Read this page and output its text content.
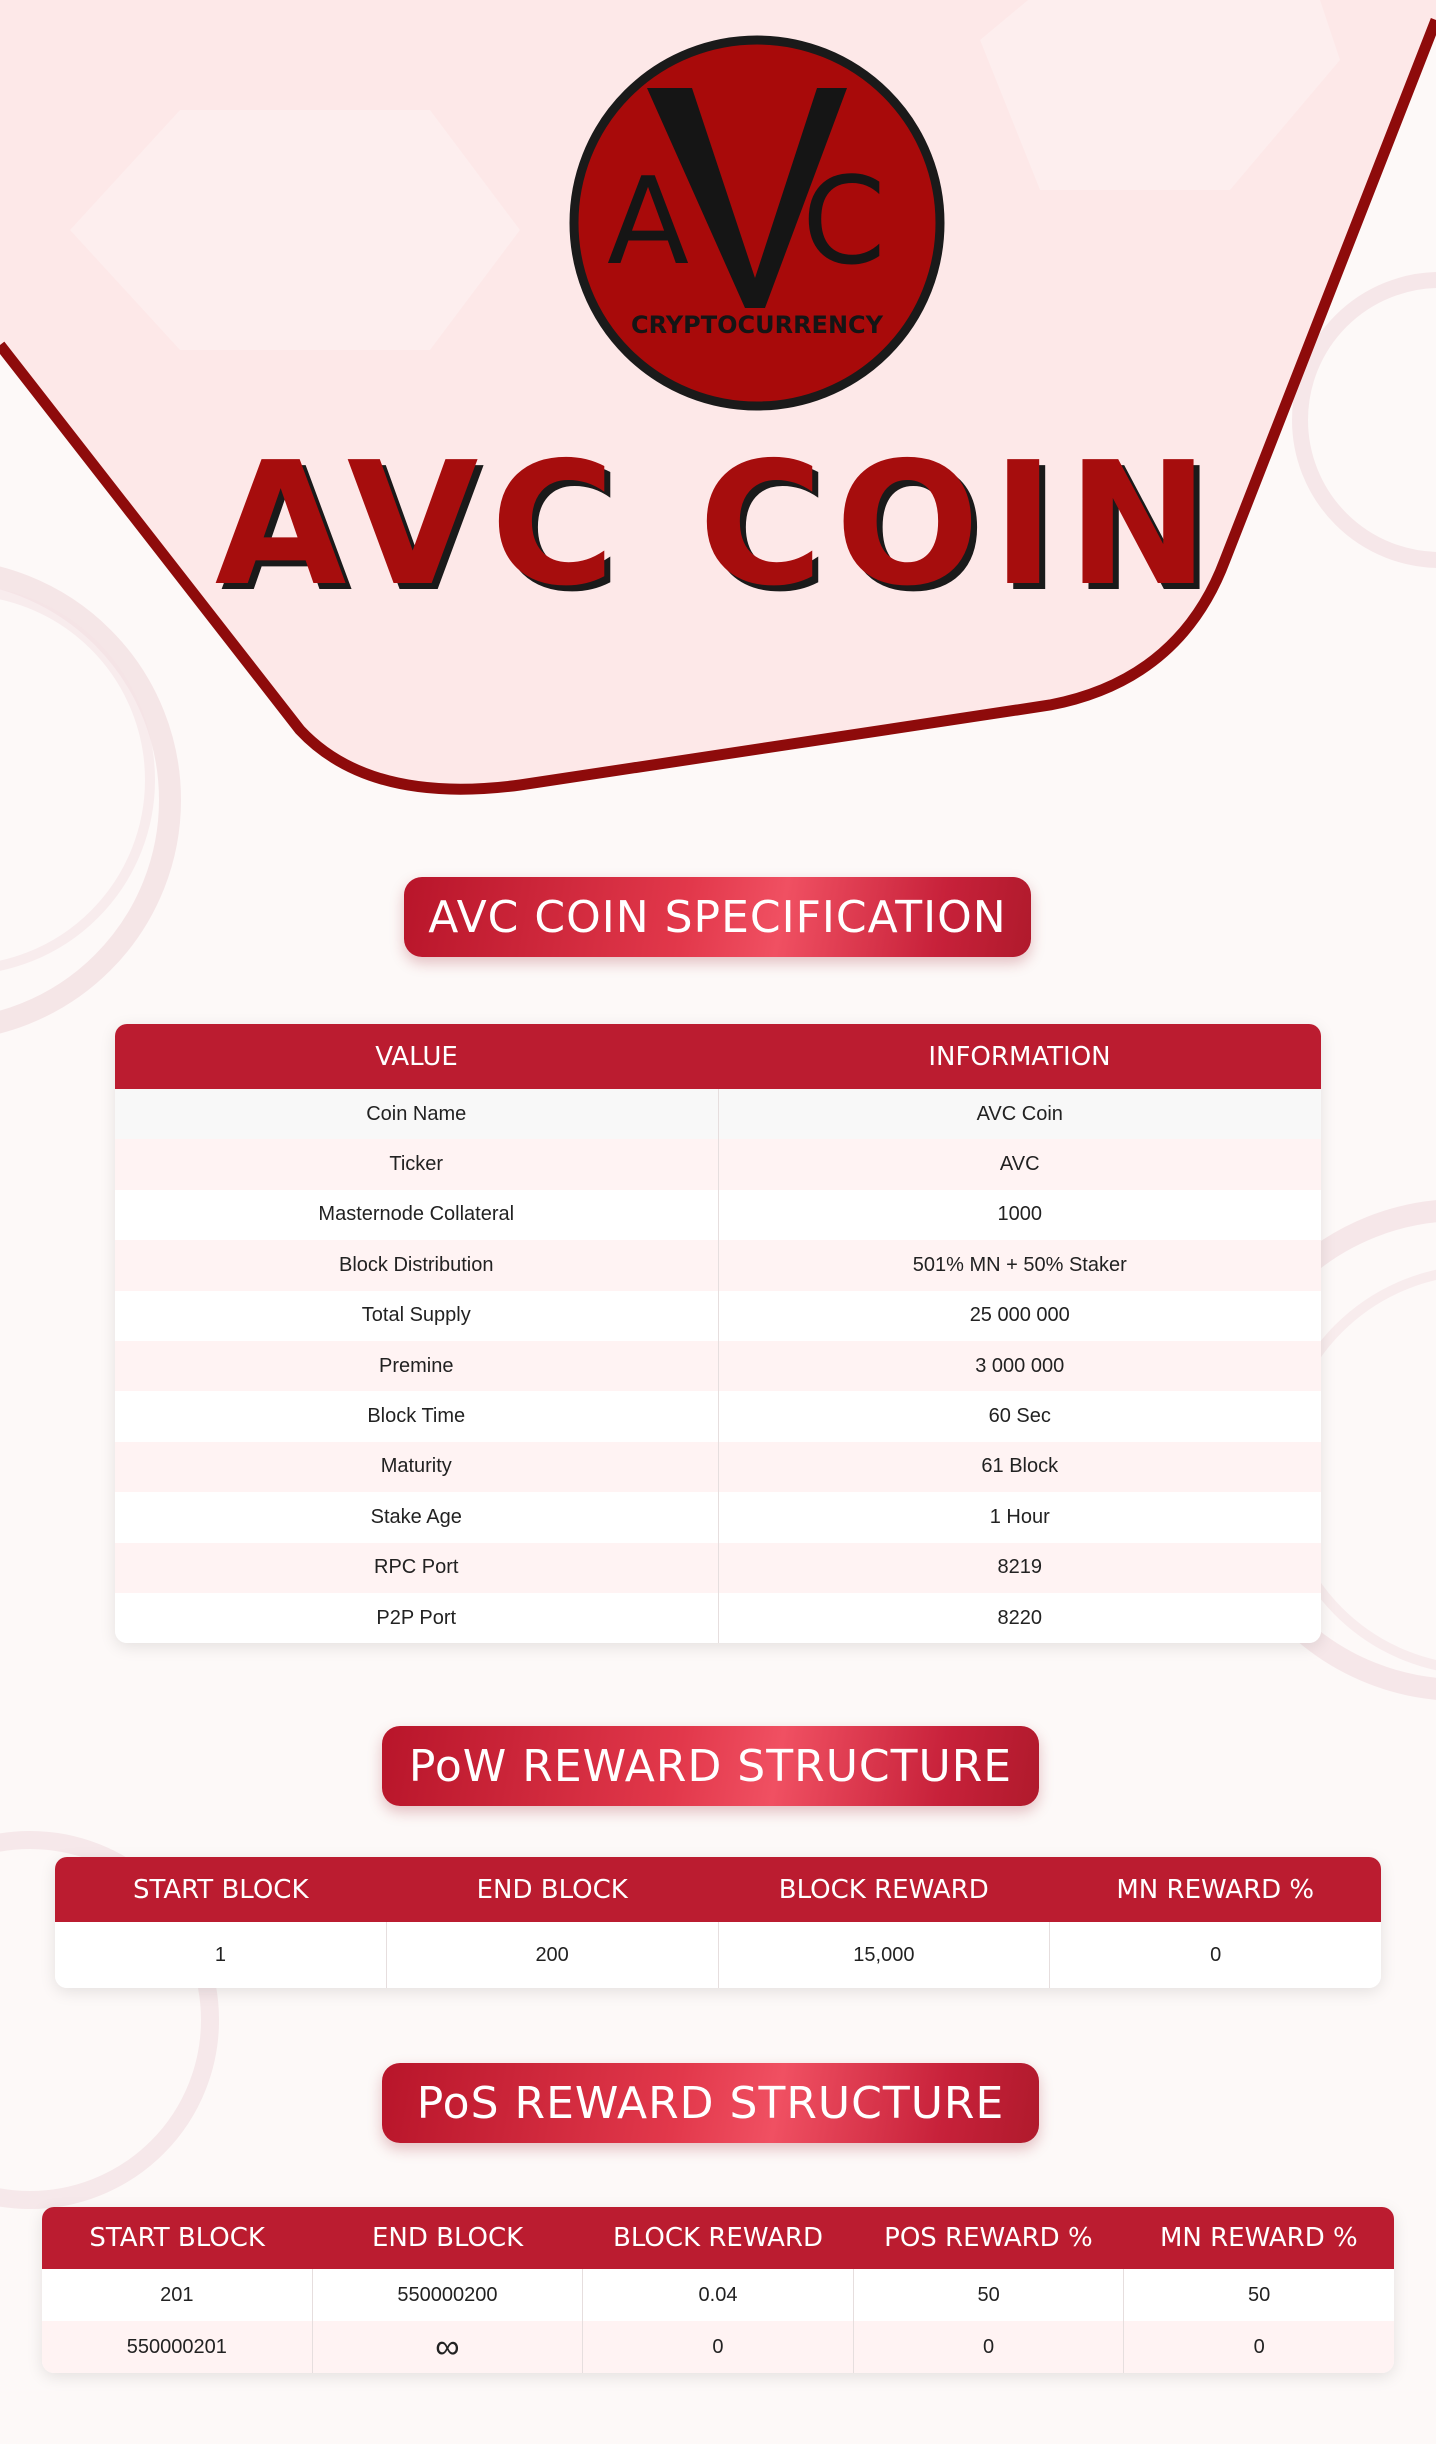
A C
CRYPTOCURRENCY
AVC COIN
AVC COIN SPECIFICATION
VALUE	INFORMATION
Coin Name	AVC Coin
Ticker	AVC
Masternode Collateral	1000
Block Distribution	501% MN + 50% Staker
Total Supply	25 000 000
Premine	3 000 000
Block Time	60 Sec
Maturity	61 Block
Stake Age	1 Hour
RPC Port	8219
P2P Port	8220
PoW REWARD STRUCTURE
START BLOCK	END BLOCK	BLOCK REWARD	MN REWARD %
1	200	15,000	0
PoS REWARD STRUCTURE
START BLOCK	END BLOCK	BLOCK REWARD	POS REWARD %	MN REWARD %
201	550000200	0.04	50	50
550000201	∞	0	0	0
